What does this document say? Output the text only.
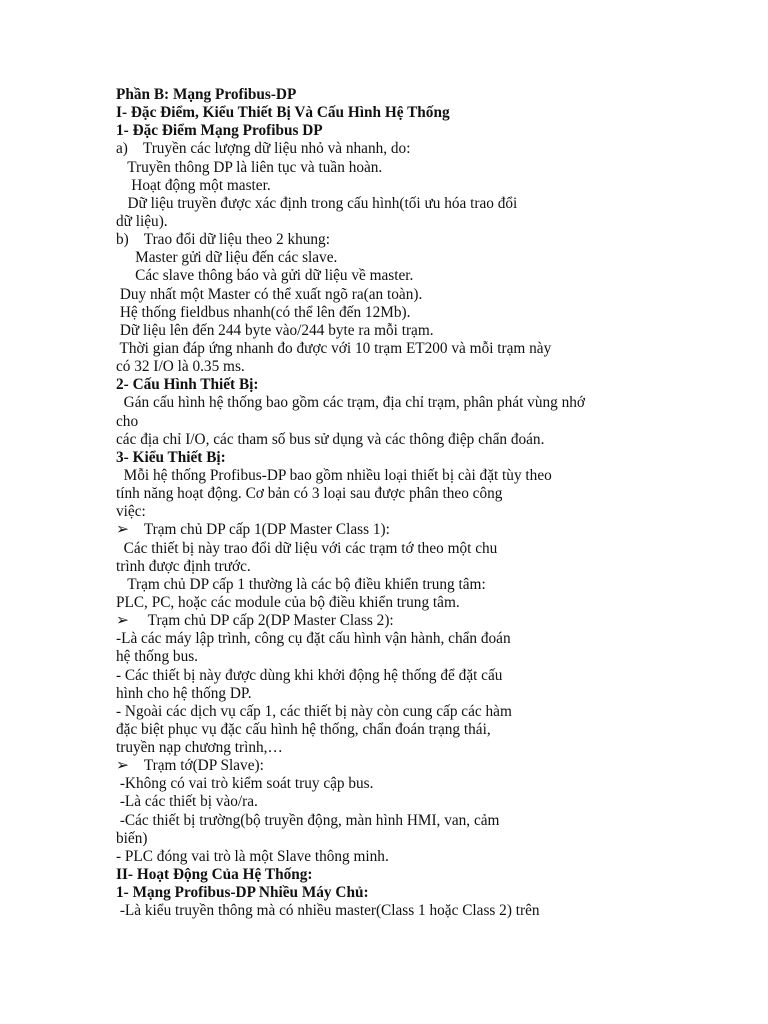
Phần B: Mạng Profibus-DP
I- Đặc Điểm, Kiểu Thiết Bị Và Cấu Hình Hệ Thống
1- Đặc Điểm Mạng Profibus DP
a)    Truyền các lượng dữ liệu nhỏ và nhanh, do:
Truyền thông DP là liên tục và tuần hoàn.
Hoạt động một master.
Dữ liệu truyền được xác định trong cấu hình(tối ưu hóa trao đổi
dữ liệu).
b)    Trao đổi dữ liệu theo 2 khung:
Master gửi dữ liệu đến các slave.
Các slave thông báo và gửi dữ liệu về master.
Duy nhất một Master có thể xuất ngõ ra(an toàn).
Hệ thống fieldbus nhanh(có thể lên đến 12Mb).
Dữ liệu lên đến 244 byte vào/244 byte ra mỗi trạm.
Thời gian đáp ứng nhanh đo được với 10 trạm ET200 và mỗi trạm này
có 32 I/O là 0.35 ms.
2- Cấu Hình Thiết Bị:
Gán cấu hình hệ thống bao gồm các trạm, địa chỉ trạm, phân phát vùng nhớ
cho
các địa chỉ I/O, các tham số bus sử dụng và các thông điệp chẩn đoán.
3- Kiểu Thiết Bị:
Mỗi hệ thống Profibus-DP bao gồm nhiều loại thiết bị cài đặt tùy theo
tính năng hoạt động. Cơ bản có 3 loại sau được phân theo công
việc:
➢    Trạm chủ DP cấp 1(DP Master Class 1):
Các thiết bị này trao đổi dữ liệu với các trạm tớ theo một chu
trình được định trước.
Trạm chủ DP cấp 1 thường là các bộ điều khiển trung tâm:
PLC, PC, hoặc các module của bộ điều khiển trung tâm.
➢     Trạm chủ DP cấp 2(DP Master Class 2):
-Là các máy lập trình, công cụ đặt cấu hình vận hành, chẩn đoán
hệ thống bus.
- Các thiết bị này được dùng khi khởi động hệ thống để đặt cấu
hình cho hệ thống DP.
- Ngoài các dịch vụ cấp 1, các thiết bị này còn cung cấp các hàm
đặc biệt phục vụ đặc cấu hình hệ thống, chẩn đoán trạng thái,
truyền nạp chương trình,…
➢    Trạm tớ(DP Slave):
-Không có vai trò kiểm soát truy cập bus.
-Là các thiết bị vào/ra.
-Các thiết bị trường(bộ truyền động, màn hình HMI, van, cảm
biến)
- PLC đóng vai trò là một Slave thông minh.
II- Hoạt Động Của Hệ Thống:
1- Mạng Profibus-DP Nhiều Máy Chủ:
-Là kiểu truyền thông mà có nhiều master(Class 1 hoặc Class 2) trên
